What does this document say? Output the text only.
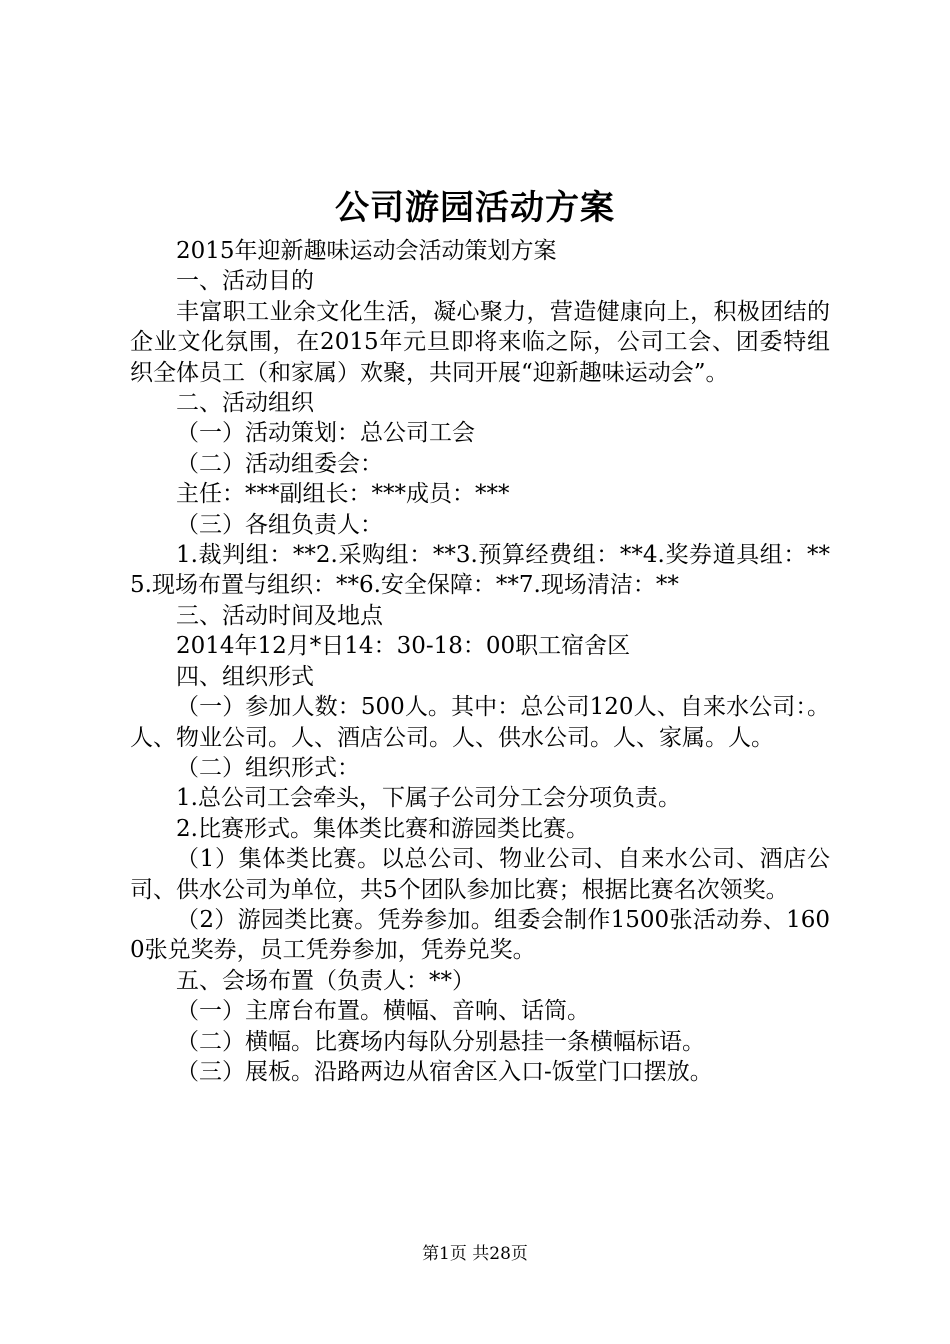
公司游园活动方案

2015年迎新趣味运动会活动策划方案

一、活动目的

丰富职工业余文化生活，凝心聚力，营造健康向上，积极团结的企业文化氛围，在2015年元旦即将来临之际，公司工会、团委特组织全体员工（和家属）欢聚，共同开展“迎新趣味运动会”。

二、活动组织

（一）活动策划：总公司工会

（二）活动组委会：

主任：***副组长：***成员：***

（三）各组负责人：

1.裁判组：**2.采购组：**3.预算经费组：**4.奖券道具组：**5.现场布置与组织：**6.安全保障：**7.现场清洁：**

三、活动时间及地点

2014年12月*日14：30-18：00职工宿舍区

四、组织形式

（一）参加人数：500人。其中：总公司120人、自来水公司：。人、物业公司。人、酒店公司。人、供水公司。人、家属。人。

（二）组织形式：

1.总公司工会牵头，下属子公司分工会分项负责。

2.比赛形式。集体类比赛和游园类比赛。

（1）集体类比赛。以总公司、物业公司、自来水公司、酒店公司、供水公司为单位，共5个团队参加比赛；根据比赛名次领奖。

（2）游园类比赛。凭券参加。组委会制作1500张活动券、1600张兑奖券，员工凭券参加，凭券兑奖。

五、会场布置（负责人：**）

（一）主席台布置。横幅、音响、话筒。

（二）横幅。比赛场内每队分别悬挂一条横幅标语。

（三）展板。沿路两边从宿舍区入口-饭堂门口摆放。

第1页 共28页
